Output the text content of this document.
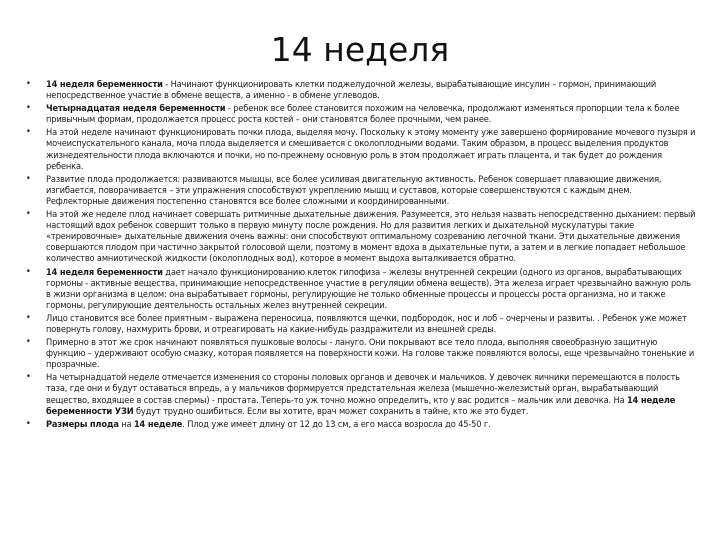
14 неделя
• 14 неделя беременности - Начинают функционировать клетки поджелудочной железы, вырабатывающие инсулин – гормон, принимающий непосредственное участие в обмене веществ, а именно - в обмене углеводов.
• Четырнадцатая неделя беременности - ребенок все более становится похожим на человечка, продолжают изменяться пропорции тела к более привычным формам, продолжается процесс роста костей – они становятся более прочными, чем ранее.
• На этой неделе начинают функционировать почки плода, выделяя мочу. Поскольку к этому моменту уже завершено формирование мочевого пузыря и мочеиспускательного канала, моча плода выделяется и смешивается с околоплодными водами. Таким образом, в процесс выделения продуктов жизнедеятельности плода включаются и почки, но по-прежнему основную роль в этом продолжает играть плацента, и так будет до рождения ребенка.
• Развитие плода продолжается: развиваются мышцы, все более усиливая двигательную активность. Ребенок совершает плавающие движения, изгибается, поворачивается – эти упражнения способствуют укреплению мышц и суставов, которые совершенствуются с каждым днем. Рефлекторные движения постепенно становятся все более сложными и координированными.
• На этой же неделе плод начинает совершать ритмичные дыхательные движения. Разумеется, это нельзя назвать непосредственно дыханием: первый настоящий вдох ребенок совершит только в первую минуту после рождения. Но для развития легких и дыхательной мускулатуры такие «тренировочные» дыхательные движения очень важны: они способствуют оптимальному созреванию легочной ткани. Эти дыхательные движения совершаются плодом при частично закрытой голосовой щели, поэтому в момент вдоха в дыхательные пути, а затем и в легкие попадает небольшое количество амниотической жидкости (околоплодных вод), которое в момент выдоха выталкивается обратно.
• 14 неделя беременности дает начало функционированию клеток гипофиза – железы внутренней секреции (одного из органов, вырабатывающих гормоны - активные вещества, принимающие непосредственное участие в регуляции обмена веществ). Эта железа играет чрезвычайно важную роль в жизни организма в целом: она вырабатывает гормоны, регулирующие не только обменные процессы и процессы роста организма, но и также гормоны, регулирующие деятельность остальных желез внутренней секреции.
• Лицо становится все более приятным - выражена переносица, появляются щечки, подбородок, нос и лоб – очерчены и развиты. . Ребенок уже может повернуть голову, нахмурить брови, и отреагировать на какие-нибудь раздражители из внешней среды.
• Примерно в этот же срок начинают появляться пушковые волосы - лануго. Они покрывают все тело плода, выполняя своеобразную защитную функцию – удерживают особую смазку, которая появляется на поверхности кожи. На голове также появляются волосы, еще чрезвычайно тоненькие и прозрачные.
• На четырнадцатой неделе отмечается изменения со стороны половых органов и девочек и мальчиков. У девочек яичники перемещаются в полость таза, где они и будут оставаться впредь, а у мальчиков формируется предстательная железа (мышечно-железистый орган, вырабатывающий вещество, входящее в состав спермы) - простата. Теперь-то уж точно можно определить, кто у вас родится – мальчик или девочка. На 14 неделе беременности УЗИ будут трудно ошибиться. Если вы хотите, врач может сохранить в тайне, кто же это будет.
• Размеры плода на 14 неделе. Плод уже имеет длину от 12 до 13 см, а его масса возросла до 45-50 г.
